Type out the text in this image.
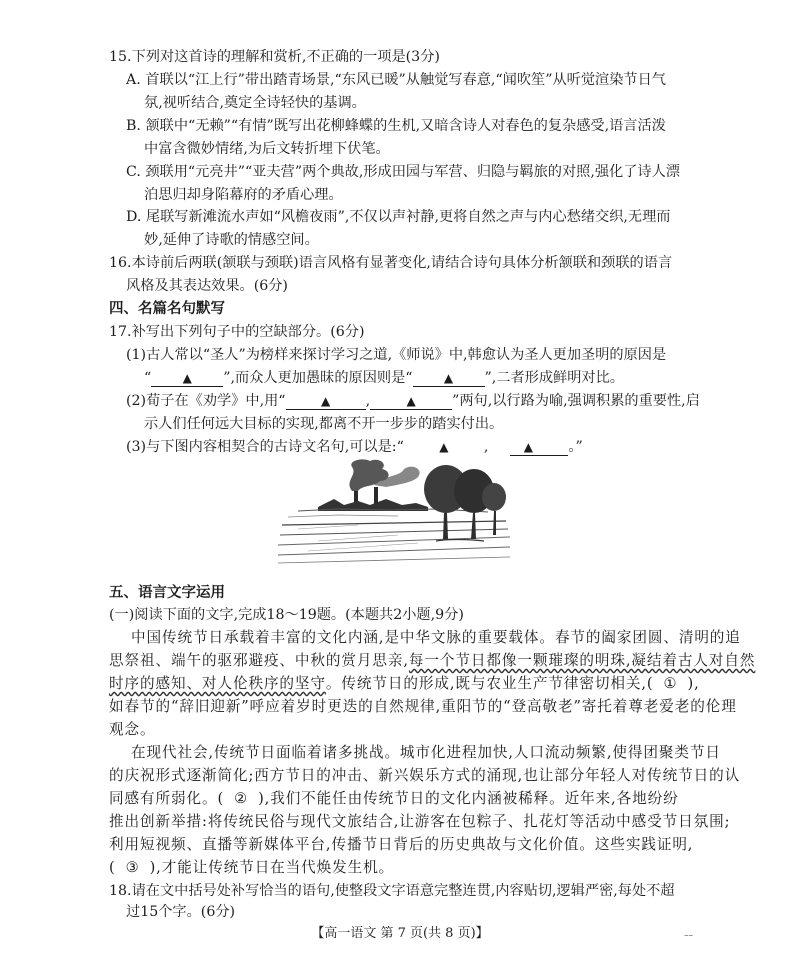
15.下列对这首诗的理解和赏析,不正确的一项是(3分)
A. 首联以“江上行”带出踏青场景,“东风已暖”从触觉写春意,“闻吹笙”从听觉渲染节日气
氛,视听结合,奠定全诗轻快的基调。
B. 颔联中“无赖”“有情”既写出花柳蜂蝶的生机,又暗含诗人对春色的复杂感受,语言活泼
中富含微妙情绪,为后文转折埋下伏笔。
C. 颈联用“元亮井”“亚夫营”两个典故,形成田园与军营、归隐与羁旅的对照,强化了诗人漂
泊思归却身陷幕府的矛盾心理。
D. 尾联写新滩流水声如“风檐夜雨”,不仅以声衬静,更将自然之声与内心愁绪交织,无理而
妙,延伸了诗歌的情感空间。
16.本诗前后两联(颔联与颈联)语言风格有显著变化,请结合诗句具体分析颔联和颈联的语言
风格及其表达效果。(6分)
四、名篇名句默写
17.补写出下列句子中的空缺部分。(6分)
(1)古人常以“圣人”为榜样来探讨学习之道,《师说》中,韩愈认为圣人更加圣明的原因是
“	▲ ”,而众人更加愚昧的原因则是“	▲ ”,二者形成鲜明对比。
(2)荀子在《劝学》中,用“	▲ ,	▲	”两句,以行路为喻,强调积累的重要性,启
示人们任何远大目标的实现,都离不开一步步的踏实付出。
(3)与下图内容相契合的古诗文名句,可以是:“	▲ ,	▲ 。”
五、语言文字运用
(一)阅读下面的文字,完成18～19题。(本题共2小题,9分)
中国传统节日承载着丰富的文化内涵,是中华文脉的重要载体。春节的阖家团圆、清明的追
思祭祖、端午的驱邪避疫、中秋的赏月思亲,每一个节日都像一颗璀璨的明珠,凝结着古人对自然
时序的感知、对人伦秩序的坚守。传统节日的形成,既与农业生产节律密切相关,( ① ),
如春节的“辞旧迎新”呼应着岁时更迭的自然规律,重阳节的“登高敬老”寄托着尊老爱老的伦理
观念。
在现代社会,传统节日面临着诸多挑战。城市化进程加快,人口流动频繁,使得团聚类节日
的庆祝形式逐渐简化;西方节日的冲击、新兴娱乐方式的涌现,也让部分年轻人对传统节日的认
同感有所弱化。( ② ),我们不能任由传统节日的文化内涵被稀释。近年来,各地纷纷
推出创新举措:将传统民俗与现代文旅结合,让游客在包粽子、扎花灯等活动中感受节日氛围;
利用短视频、直播等新媒体平台,传播节日背后的历史典故与文化价值。这些实践证明,
( ③ ),才能让传统节日在当代焕发生机。
18.请在文中括号处补写恰当的语句,使整段文字语意完整连贯,内容贴切,逻辑严密,每处不超
过15个字。(6分)
【高一语文 第 7 页(共 8 页)】	––
